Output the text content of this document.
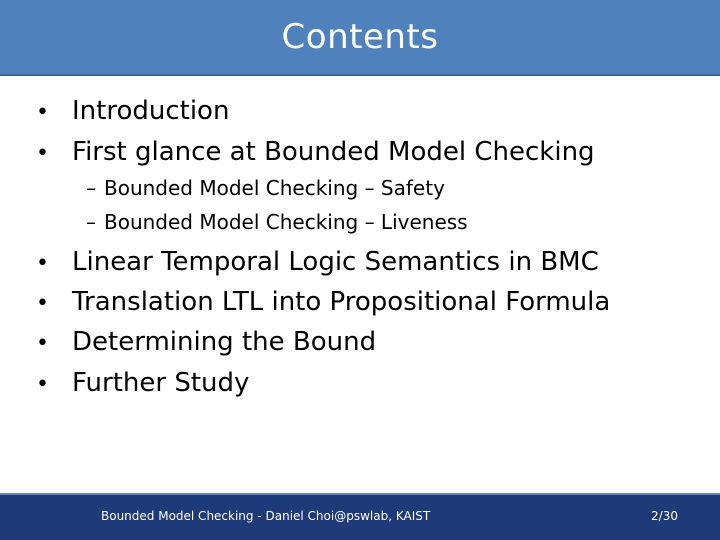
Contents
• Introduction
• First glance at Bounded Model Checking
– Bounded Model Checking – Safety
– Bounded Model Checking – Liveness
• Linear Temporal Logic Semantics in BMC
• Translation LTL into Propositional Formula
• Determining the Bound
• Further Study
Bounded Model Checking - Daniel Choi@pswlab, KAIST	2/30
